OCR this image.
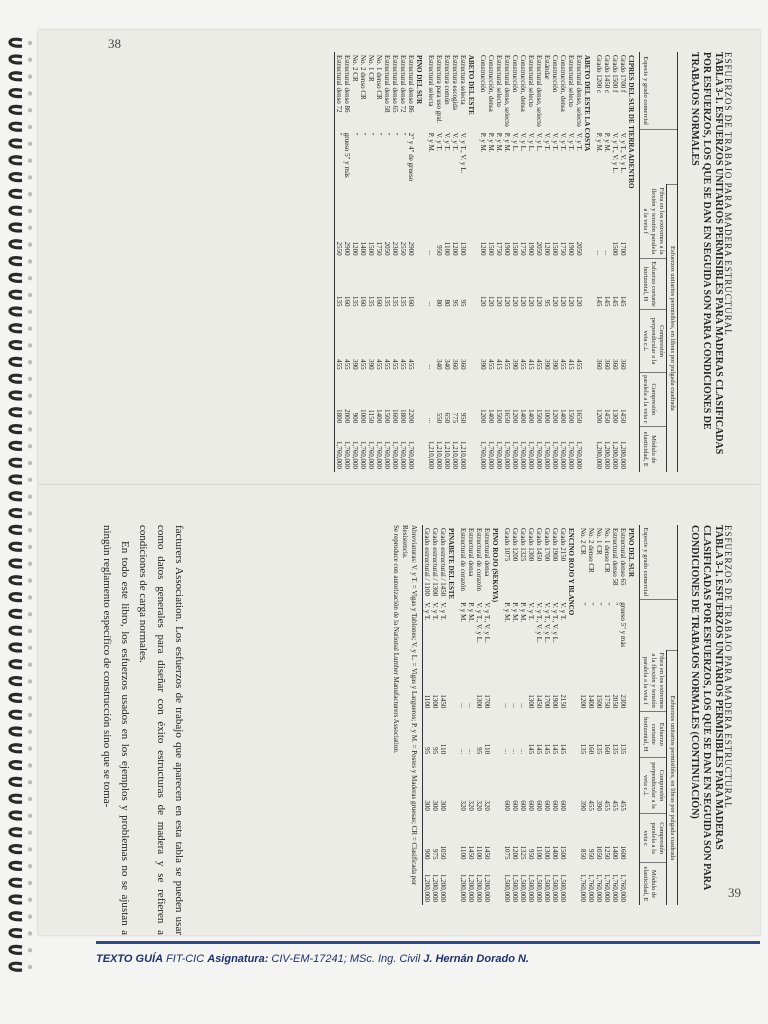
38
ESFUERZOS DE TRABAJO PARA MADERA ESTRUCTURAL
TABLA 3-1. ESFUERZOS UNITARIOS PERMISIBLES PARA MADERAS CLASIFICADAS POR ESFUERZOS, LOS QUE SE DAN EN SEGUIDA SON PARA CONDICIONES DE TRABAJOS NORMALES
Especie y grado comercial		Esfuerzos unitarios permisibles, en libras por pulgada cuadrada				
		Fibra en los extremos a la flexión y tensión paralela a la veta f	Esfuerzo cortante horizontal, H	Compresión perpendicular a la veta c⊥	Compresión paralela a la veta c	Módulo de elasticidad, E
CIPRES DEL SUR DE TIERRA ADENTRO						
Grado 1700 f	V. y T., V. y L.	1700	145	360	1450	1,200,000
Grado 1500 f	V. y T., V. y L.	1500	145	360	1300	1,200,000
Grado 1450 c	P. y M.	...	145	360	1450	1,200,000
Grado 1200 c	P. y M.	...	145	360	1200	1,200,000
ABETO DEL ESTE LA COSTA						
Estructural denso, selecto	V. y T.	2050	120	455	1650	1,760,000
Estructural selecto	V. y T.	1900	120	415	1500	1,760,000
Construcción, densa	V. y T.	1750	120	455	1400	1,760,000
Construcción	V. y T.	1500	120	390	1200	1,760,000
Estándar	V. y T.	1200	95	390	1000	1,760,000
Estructural denso, selecto	V. y L.	2050	120	455	1500	1,760,000
Estructural selecto	V. y L.	1900	120	415	1400	1,760,000
Construcción, densa	V. y L.	1750	120	455	1400	1,760,000
Construcción	V. y L.	1500	120	390	1200	1,760,000
Estructural denso, selecto	P. y M.	1900	120	455	1650	1,760,000
Estructural selecto	P. y M.	1750	120	415	1500	1,760,000
Construcción, densa	P. y M.	1500	120	455	1400	1,760,000
Construcción	P. y M.	1200	120	390	1200	1,760,000
ABETO DEL ESTE						
Estructura selecta	V. y T., V. y L.	1300	95	360	950	1,210,000
Estructura escogida	V. y T.	1200	95	360	775	1,210,000
Estructura común	V. y T.	1100	80	340	650	1,210,000
Estructura para uso gral.	V. y T.	950	80	340	550	1,210,000
Estructural selecta	P. y M.	...	...	...	...	1,210,000
PINO DEL SUR						
Estructural denso 86	2" y 4" de grueso	2900	160	455	2200	1,760,000
Estructural denso 72	"	2550	135	455	1800	1,760,000
Estructural denso 65	"	2300	135	455	1600	1,760,000
Estructural denso 58	"	2050	135	455	1500	1,760,000
No. 1 denso CR	"	1750	160	455	1400	1,760,000
No. 1 CR	"	1500	135	390	1150	1,760,000
No. 2 denso CR	"	1400	160	455	1000	1,760,000
No. 2 CR	"	1200	135	390	900	1,760,000
Estructural denso 86	grueso 5" y más	2900	160	455	2000	1,760,000
Estructural denso 72	"	2550	135	455	1800	1,760,000
39
ESFUERZOS DE TRABAJO PARA MADERA ESTRUCTURAL
TABLA 3-1. ESFUERZOS UNITARIOS PERMISIBLES PARA MADERAS CLASIFICADAS POR ESFUERZOS, LOS QUE SE DAN EN SEGUIDA SON PARA CONDICIONES DE TRABAJOS NORMALES (CONTINUACIÓN)
Especie y grado comercial		Esfuerzos unitarios permisibles, en libras por pulgada cuadrada				
		Fibra en los extremos a la flexión y tensión paralela a la veta f	Esfuerzo cortante horizontal, H	Compresión perpendicular a la veta c⊥	Compresión paralela a la veta c	Módulo de elasticidad, E
PINO DEL SUR						
Estructural denso 65	grueso 5" y más	2300	135	455	1600	1,760,000
Estructural denso 58	"	2050	135	455	1400	1,760,000
No. 1 denso CR	"	1750	160	455	1250	1,760,000
No. 1 CR	"	1500	135	390	1050	1,760,000
No. 2 denso CR	"	1400	160	455	950	1,760,000
No. 2 CR	"	1200	135	390	850	1,760,000
ENCINO ROJO Y BLANCO						
Grado 2150	V. y T.	2150	145	600	1500	1,500,000
Grado 1900	V. y T., V. y L.	1900	145	600	1400	1,500,000
Grado 1700	V. y T., V. y L.	1700	145	600	1300	1,500,000
Grado 1450	V. y T., V. y L.	1450	145	600	1100	1,500,000
Grado 1300	V. y T.	1300	145	600	950	1,500,000
Grado 1325	P. y M.	...	...	600	1325	1,500,000
Grado 1200	P. y M.	...	...	600	1200	1,500,000
Grado 1075	P. y M.	...	...	600	1075	1,500,000
PINO ROJO (SEKOYA)						
Estructural densa	V. y T., V. y L.	1700	110	320	1450	1,200,000
Estructural de corazón	V. y T., V. y L.	1300	95	320	1100	1,200,000
Estructural densa	P. y M.	...	...	320	1450	1,200,000
Estructural de corazón	P. y M.	...	...	320	1100	1,200,000
PINABETE DEL ESTE						
Grado estructural / 1450	V. y T.	1450	110	300	1050	1,200,000
Grado estructural / 1300	V. y T.	1300	95	300	975	1,200,000
Grado estructural / 1100	V. y T.	1100	95	300	900	1,200,000
Abreviaturas: V. y T. = Vigas y Tablones; V. y L. = Vigas y Largueros; P. y M. = Postes y Maderas gruesas; CR = Clasificada por Resistencia.
Se reproduce con autorización de la National Lumber Manufacturers Association.

facturers Association. Los esfuerzos de trabajo que aparecen en esta tabla se pueden usar como datos generales para diseñar con éxito estructuras de madera y se refieren a condiciones de carga normales.

En todo este libro, los esfuerzos usados en los ejemplos y problemas no se ajustan a ningún reglamento específico de construcción sino que se toma-

TEXTO GUÍA FIT-CIC Asignatura: CIV-EM-17241; MSc. Ing. Civil J. Hernán Dorado N.
